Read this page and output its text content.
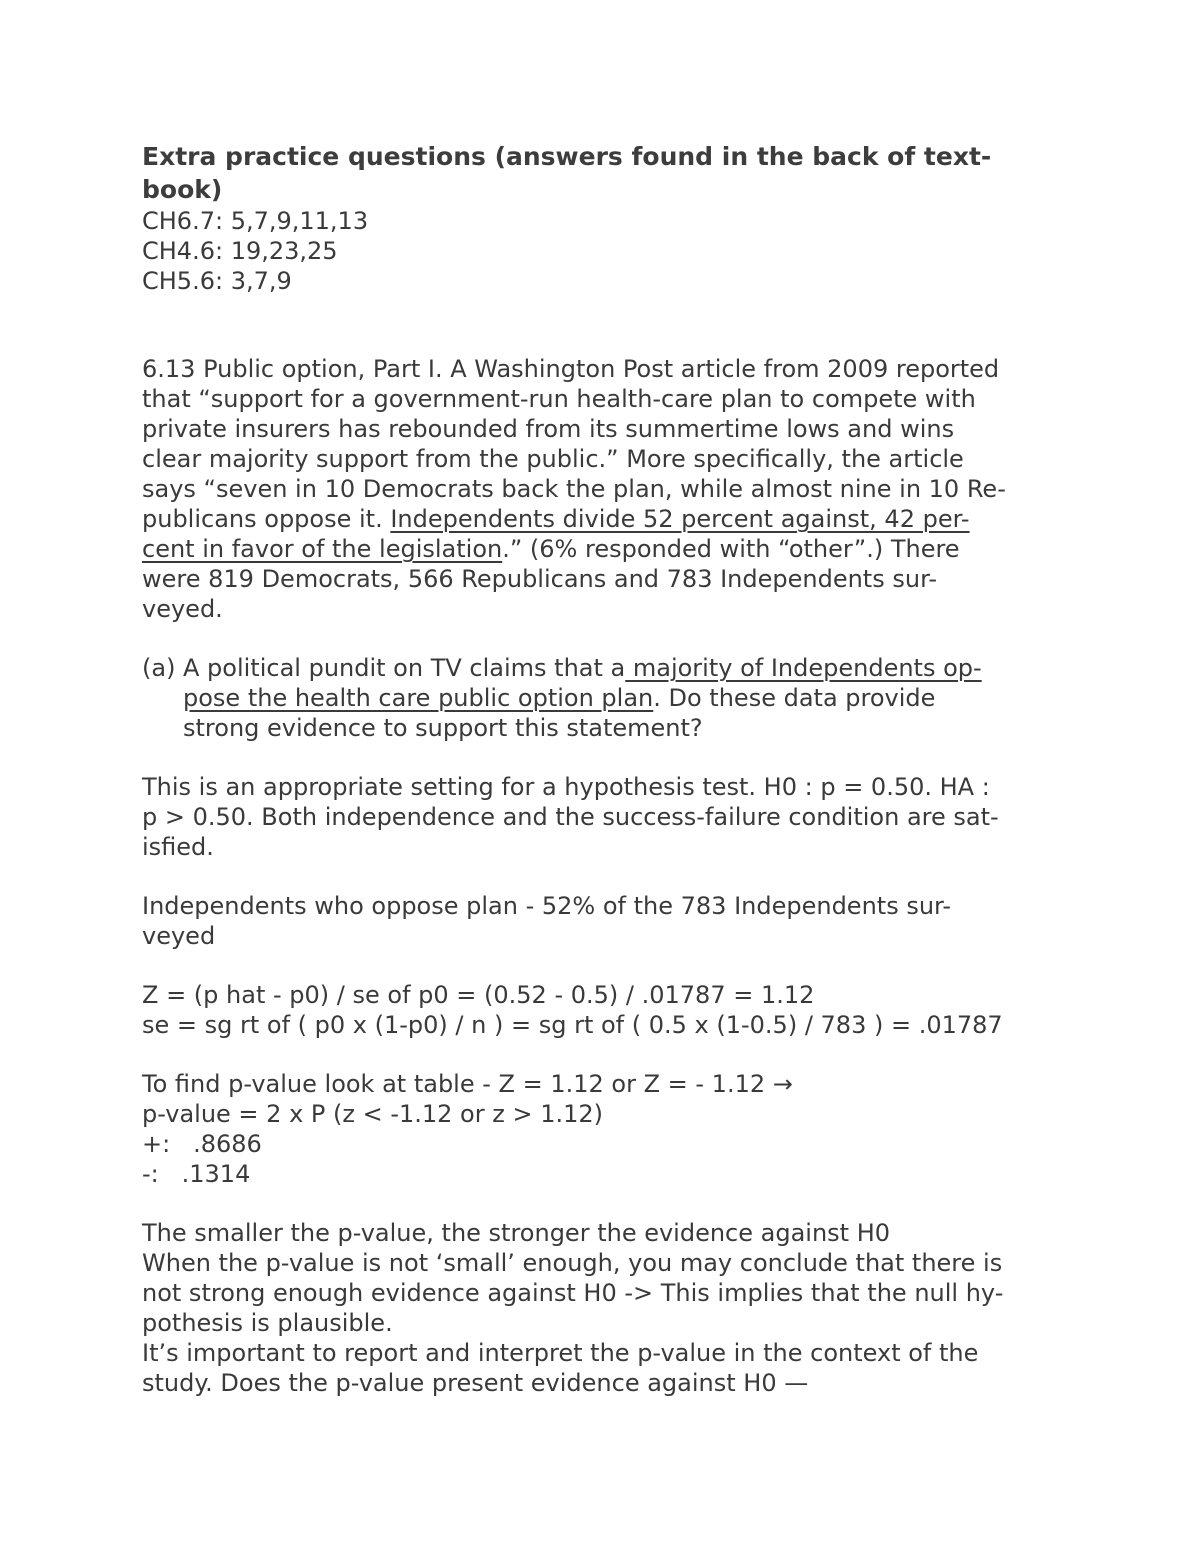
Extra practice questions (answers found in the back of text-
book)
CH6.7: 5,7,9,11,13
CH4.6: 19,23,25
CH5.6: 3,7,9
6.13 Public option, Part I. A Washington Post article from 2009 reported
that “support for a government-run health-care plan to compete with
private insurers has rebounded from its summertime lows and wins
clear majority support from the public.” More specifically, the article
says “seven in 10 Democrats back the plan, while almost nine in 10 Re-
publicans oppose it. Independents divide 52 percent against, 42 per-
cent in favor of the legislation.” (6% responded with “other”.) There
were 819 Democrats, 566 Republicans and 783 Independents sur-
veyed.
(a) A political pundit on TV claims that a majority of Independents op-
pose the health care public option plan. Do these data provide
strong evidence to support this statement?
This is an appropriate setting for a hypothesis test. H0 : p = 0.50. HA :
p > 0.50. Both independence and the success-failure condition are sat-
isfied.
Independents who oppose plan - 52% of the 783 Independents sur-
veyed
Z = (p hat - p0) / se of p0 = (0.52 - 0.5) / .01787 = 1.12
se = sg rt of ( p0 x (1-p0) / n ) = sg rt of ( 0.5 x (1-0.5) / 783 ) = .01787
To find p-value look at table - Z = 1.12 or Z = - 1.12 →
p-value = 2 x P (z < -1.12 or z > 1.12)
+:   .8686
-:   .1314
The smaller the p-value, the stronger the evidence against H0
When the p-value is not ‘small’ enough, you may conclude that there is
not strong enough evidence against H0 -> This implies that the null hy-
pothesis is plausible.
It’s important to report and interpret the p-value in the context of the
study. Does the p-value present evidence against H0 —
